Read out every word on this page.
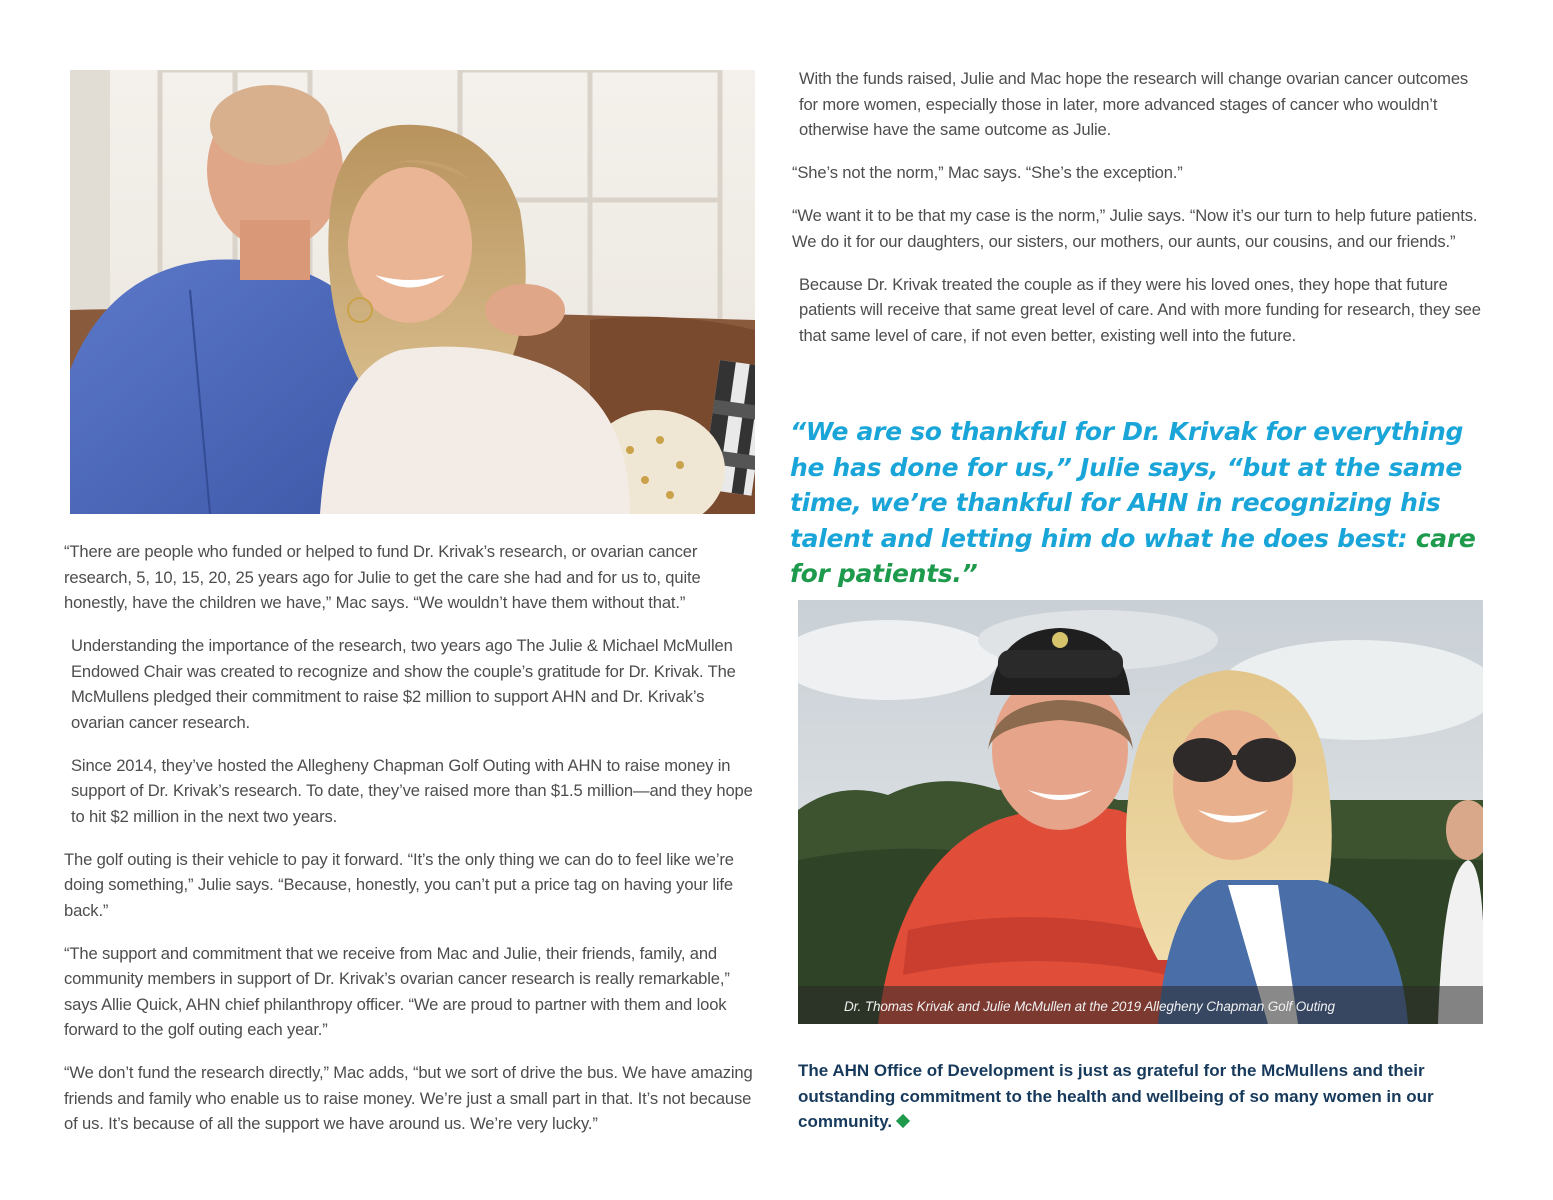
“There are people who funded or helped to fund Dr. Krivak’s research, or ovarian cancer research, 5, 10, 15, 20, 25 years ago for Julie to get the care she had and for us to, quite honestly, have the children we have,” Mac says. “We wouldn’t have them without that.”

Understanding the importance of the research, two years ago The Julie & Michael McMullen Endowed Chair was created to recognize and show the couple’s gratitude for Dr. Krivak. The McMullens pledged their commitment to raise $2 million to support AHN and Dr. Krivak’s ovarian cancer research.

Since 2014, they’ve hosted the Allegheny Chapman Golf Outing with AHN to raise money in support of Dr. Krivak’s research. To date, they’ve raised more than $1.5 million—and they hope to hit $2 million in the next two years.

The golf outing is their vehicle to pay it forward. “It’s the only thing we can do to feel like we’re doing something,” Julie says. “Because, honestly, you can’t put a price tag on having your life back.”

“The support and commitment that we receive from Mac and Julie, their friends, family, and community members in support of Dr. Krivak’s ovarian cancer research is really remarkable,” says Allie Quick, AHN chief philanthropy officer. “We are proud to partner with them and look forward to the golf outing each year.”

“We don’t fund the research directly,” Mac adds, “but we sort of drive the bus. We have amazing friends and family who enable us to raise money. We’re just a small part in that. It’s not because of us. It’s because of all the support we have around us. We’re very lucky.”

With the funds raised, Julie and Mac hope the research will change ovarian cancer outcomes for more women, especially those in later, more advanced stages of cancer who wouldn’t otherwise have the same outcome as Julie.

“She’s not the norm,” Mac says. “She’s the exception.”

“We want it to be that my case is the norm,” Julie says. “Now it’s our turn to help future patients. We do it for our daughters, our sisters, our mothers, our aunts, our cousins, and our friends.”

Because Dr. Krivak treated the couple as if they were his loved ones, they hope that future patients will receive that same great level of care. And with more funding for research, they see that same level of care, if not even better, existing well into the future.

“We are so thankful for Dr. Krivak for everything he has done for us,” Julie says, “but at the same time, we’re thankful for AHN in recognizing his talent and letting him do what he does best: care for patients.”
Dr. Thomas Krivak and Julie McMullen at the 2019 Allegheny Chapman Golf Outing
The AHN Office of Development is just as grateful for the McMullens and their outstanding commitment to the health and wellbeing of so many women in our community.
